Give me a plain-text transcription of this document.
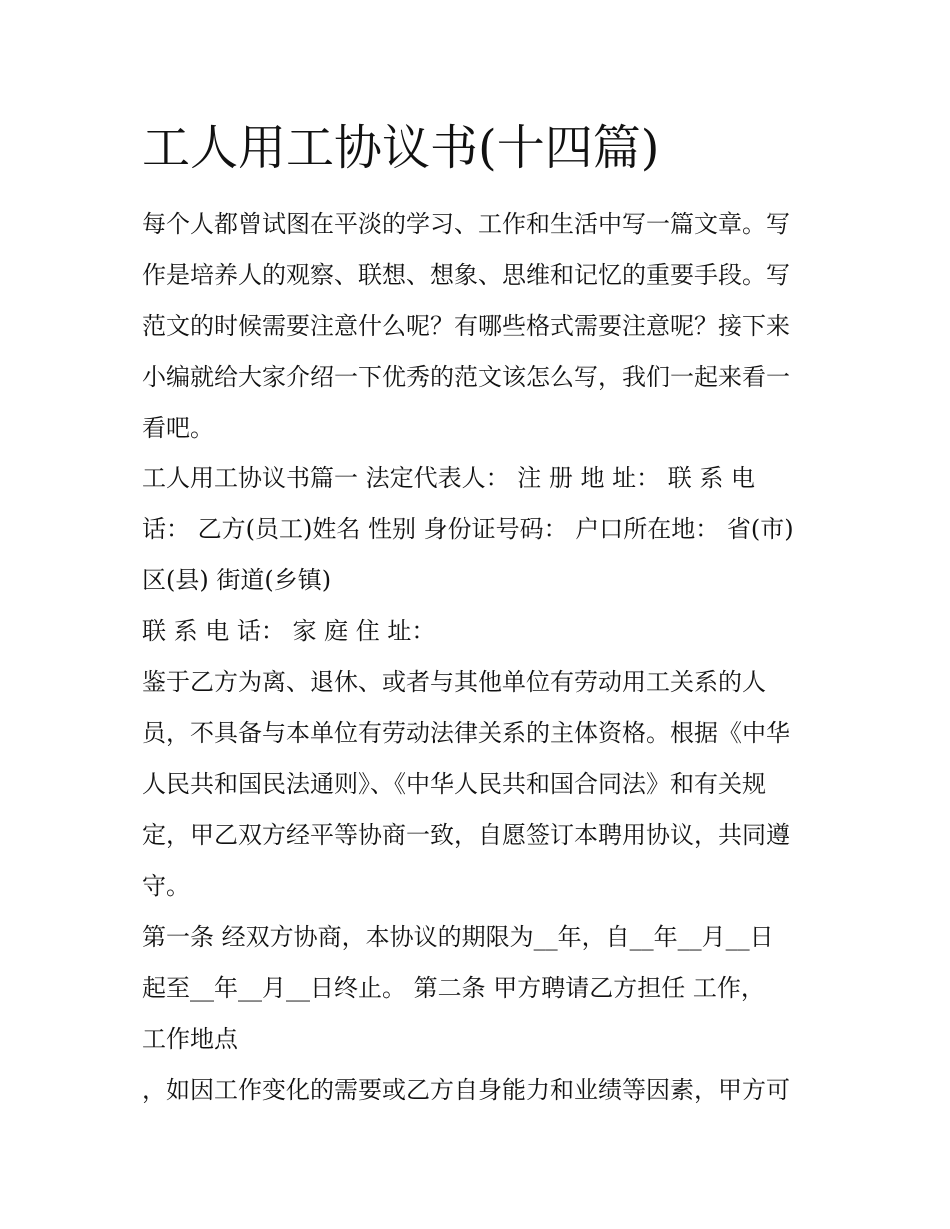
工人用工协议书(十四篇)
每个人都曾试图在平淡的学习、工作和生活中写一篇文章。写
作是培养人的观察、联想、想象、思维和记忆的重要手段。写
范文的时候需要注意什么呢？有哪些格式需要注意呢？接下来
小编就给大家介绍一下优秀的范文该怎么写，我们一起来看一
看吧。
工人用工协议书篇一 法定代表人： 注 册 地 址： 联 系 电
话： 乙方(员工)姓名 性别 身份证号码： 户口所在地： 省(市)
区(县) 街道(乡镇)
联 系 电 话： 家 庭 住 址：
鉴于乙方为离、退休、或者与其他单位有劳动用工关系的人
员，不具备与本单位有劳动法律关系的主体资格。根据《中华
人民共和国民法通则》、《中华人民共和国合同法》和有关规
定，甲乙双方经平等协商一致，自愿签订本聘用协议，共同遵
守。
第一条 经双方协商，本协议的期限为__年，自__年__月__日
起至__年__月__日终止。 第二条 甲方聘请乙方担任 工作，
工作地点
，如因工作变化的需要或乙方自身能力和业绩等因素，甲方可
